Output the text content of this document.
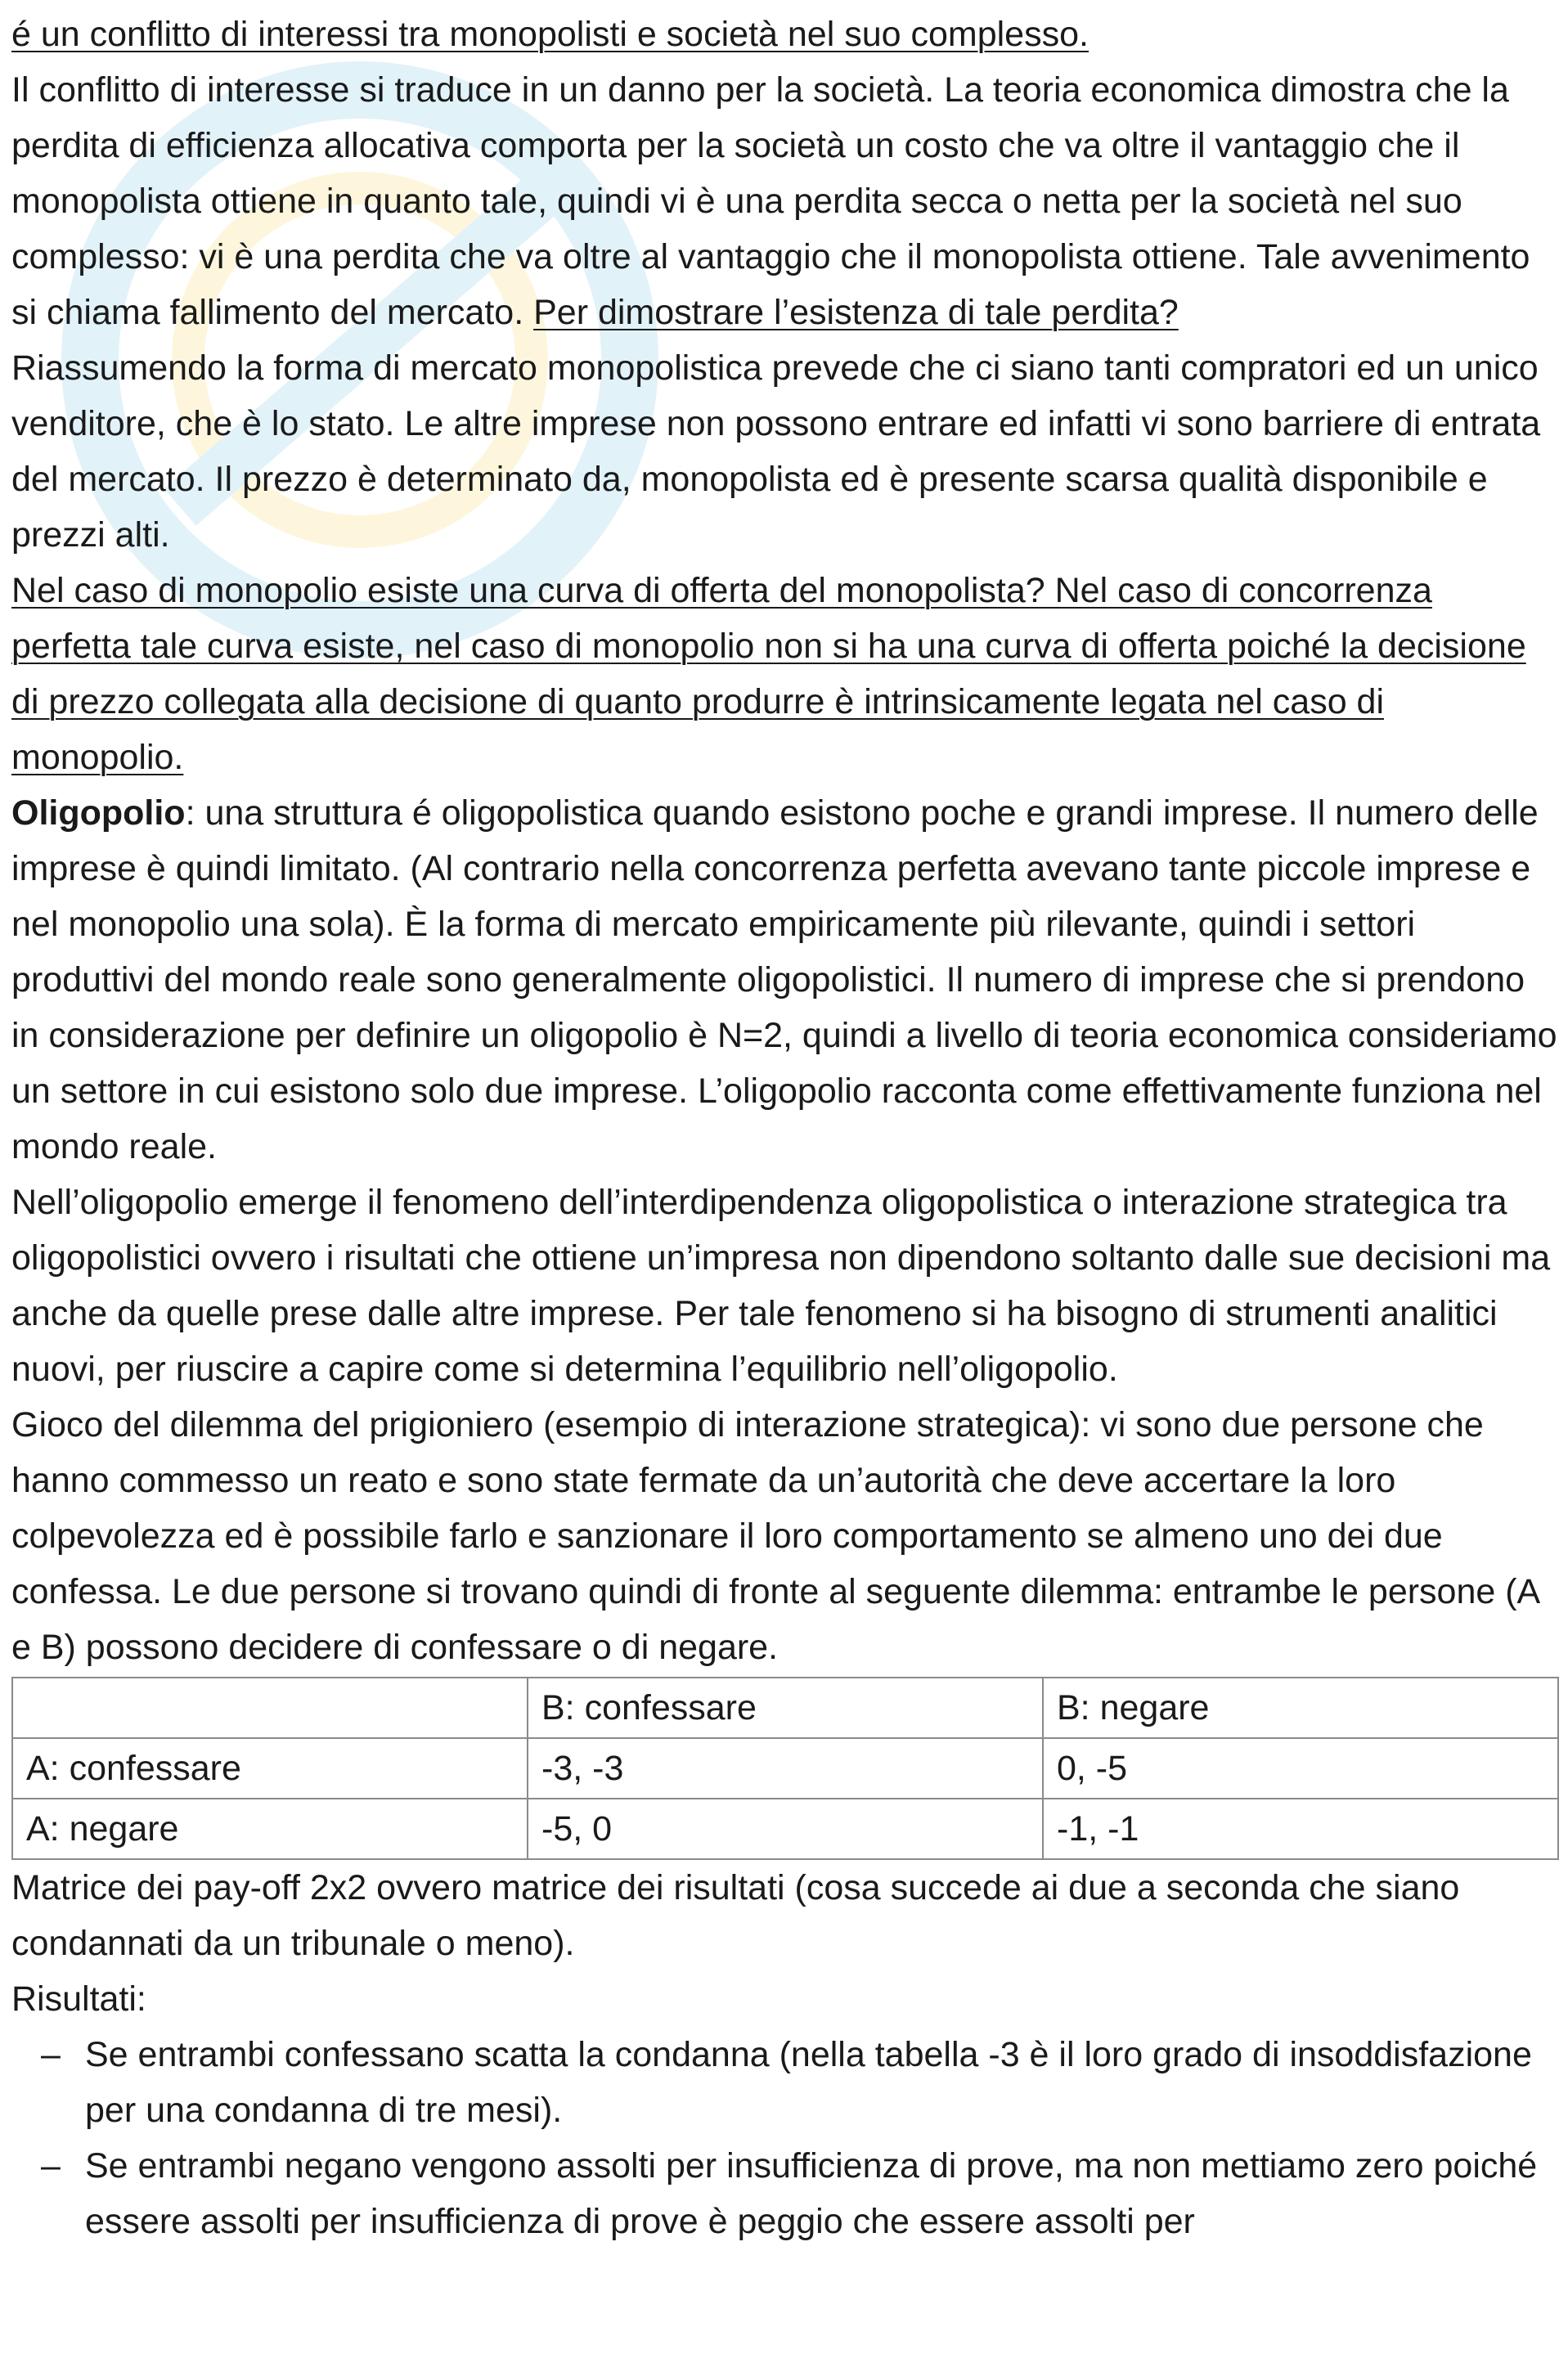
é un conflitto di interessi tra monopolisti e società nel suo complesso.

Il conflitto di interesse si traduce in un danno per la società. La teoria economica dimostra che la perdita di efficienza allocativa comporta per la società un costo che va oltre il vantaggio che il monopolista ottiene in quanto tale, quindi vi è una perdita secca o netta per la società nel suo complesso: vi è una perdita che va oltre al vantaggio che il monopolista ottiene. Tale avvenimento si chiama fallimento del mercato. Per dimostrare l’esistenza di tale perdita?

Riassumendo la forma di mercato monopolistica prevede che ci siano tanti compratori ed un unico venditore, che è lo stato. Le altre imprese non possono entrare ed infatti vi sono barriere di entrata del mercato. Il prezzo è determinato da, monopolista ed è presente scarsa qualità disponibile e prezzi alti.

Nel caso di monopolio esiste una curva di offerta del monopolista? Nel caso di concorrenza perfetta tale curva esiste, nel caso di monopolio non si ha una curva di offerta poiché la decisione di prezzo collegata alla decisione di quanto produrre è intrinsicamente legata nel caso di monopolio.

Oligopolio: una struttura é oligopolistica quando esistono poche e grandi imprese. Il numero delle imprese è quindi limitato. (Al contrario nella concorrenza perfetta avevano tante piccole imprese e nel monopolio una sola). È la forma di mercato empiricamente più rilevante, quindi i settori produttivi del mondo reale sono generalmente oligopolistici. Il numero di imprese che si prendono in considerazione per definire un oligopolio è N=2, quindi a livello di teoria economica consideriamo un settore in cui esistono solo due imprese. L’oligopolio racconta come effettivamente funziona nel mondo reale.

Nell’oligopolio emerge il fenomeno dell’interdipendenza oligopolistica o interazione strategica tra oligopolistici ovvero i risultati che ottiene un’impresa non dipendono soltanto dalle sue decisioni ma anche da quelle prese dalle altre imprese. Per tale fenomeno si ha bisogno di strumenti analitici nuovi, per riuscire a capire come si determina l’equilibrio nell’oligopolio.

Gioco del dilemma del prigioniero (esempio di interazione strategica): vi sono due persone che hanno commesso un reato e sono state fermate da un’autorità che deve accertare la loro colpevolezza ed è possibile farlo e sanzionare il loro comportamento se almeno uno dei due confessa. Le due persone si trovano quindi di fronte al seguente dilemma: entrambe le persone (A e B) possono decidere di confessare o di negare.

	B: confessare	B: negare
A: confessare	-3, -3	0, -5
A: negare	-5, 0	-1, -1

Matrice dei pay-off 2x2 ovvero matrice dei risultati (cosa succede ai due a seconda che siano condannati da un tribunale o meno).

Risultati:

– Se entrambi confessano scatta la condanna (nella tabella -3 è il loro grado di insoddisfazione per una condanna di tre mesi).
– Se entrambi negano vengono assolti per insufficienza di prove, ma non mettiamo zero poiché essere assolti per insufficienza di prove è peggio che essere assolti per
